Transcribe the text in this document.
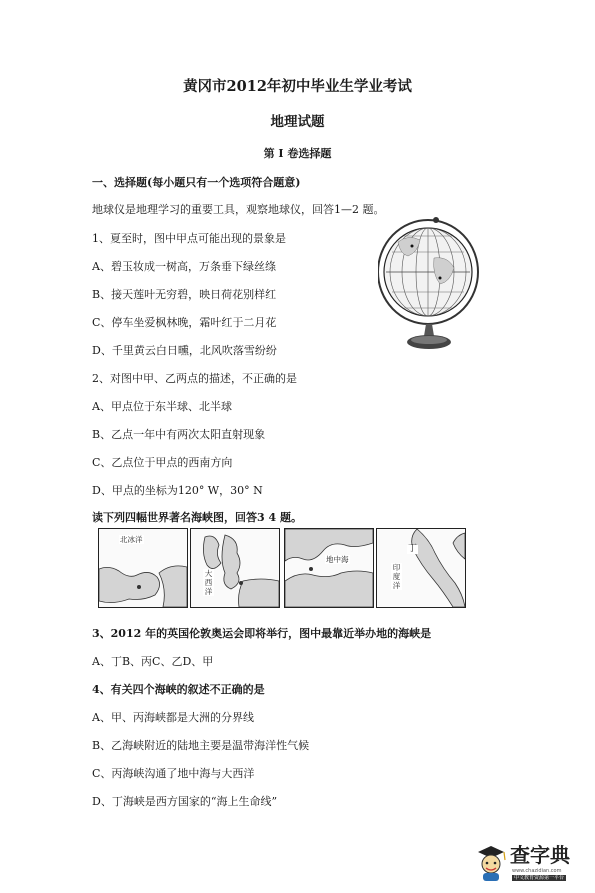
黄冈市2012年初中毕业生学业考试
地理试题
第 I 卷选择题
一、选择题(每小题只有一个选项符合题意)
地球仪是地理学习的重要工具，观察地球仪，回答1—2 题。
1、夏至时，图中甲点可能出现的景象是
A、碧玉妆成一树高，万条垂下绿丝绦
B、接天莲叶无穷碧，映日荷花别样红
C、停车坐爱枫林晚，霜叶红于二月花
D、千里黄云白日曛，北风吹落雪纷纷
2、对图中甲、乙两点的描述，不正确的是
A、甲点位于东半球、北半球
B、乙点一年中有两次太阳直射现象
C、乙点位于甲点的西南方向
D、甲点的坐标为120° W，30° N
读下列四幅世界著名海峡图，回答3 4 题。
北冰洋
大西洋
地中海
丁
印度洋
3、2012 年的英国伦敦奥运会即将举行，图中最靠近举办地的海峡是
A、丁B、丙C、乙D、甲
4、有关四个海峡的叙述不正确的是
A、甲、丙海峡都是大洲的分界线
B、乙海峡附近的陆地主要是温带海洋性气候
C、丙海峡沟通了地中海与大西洋
D、丁海峡是西方国家的“海上生命线”
查字典
www.chazidian.com
中文教育资源第一平台
